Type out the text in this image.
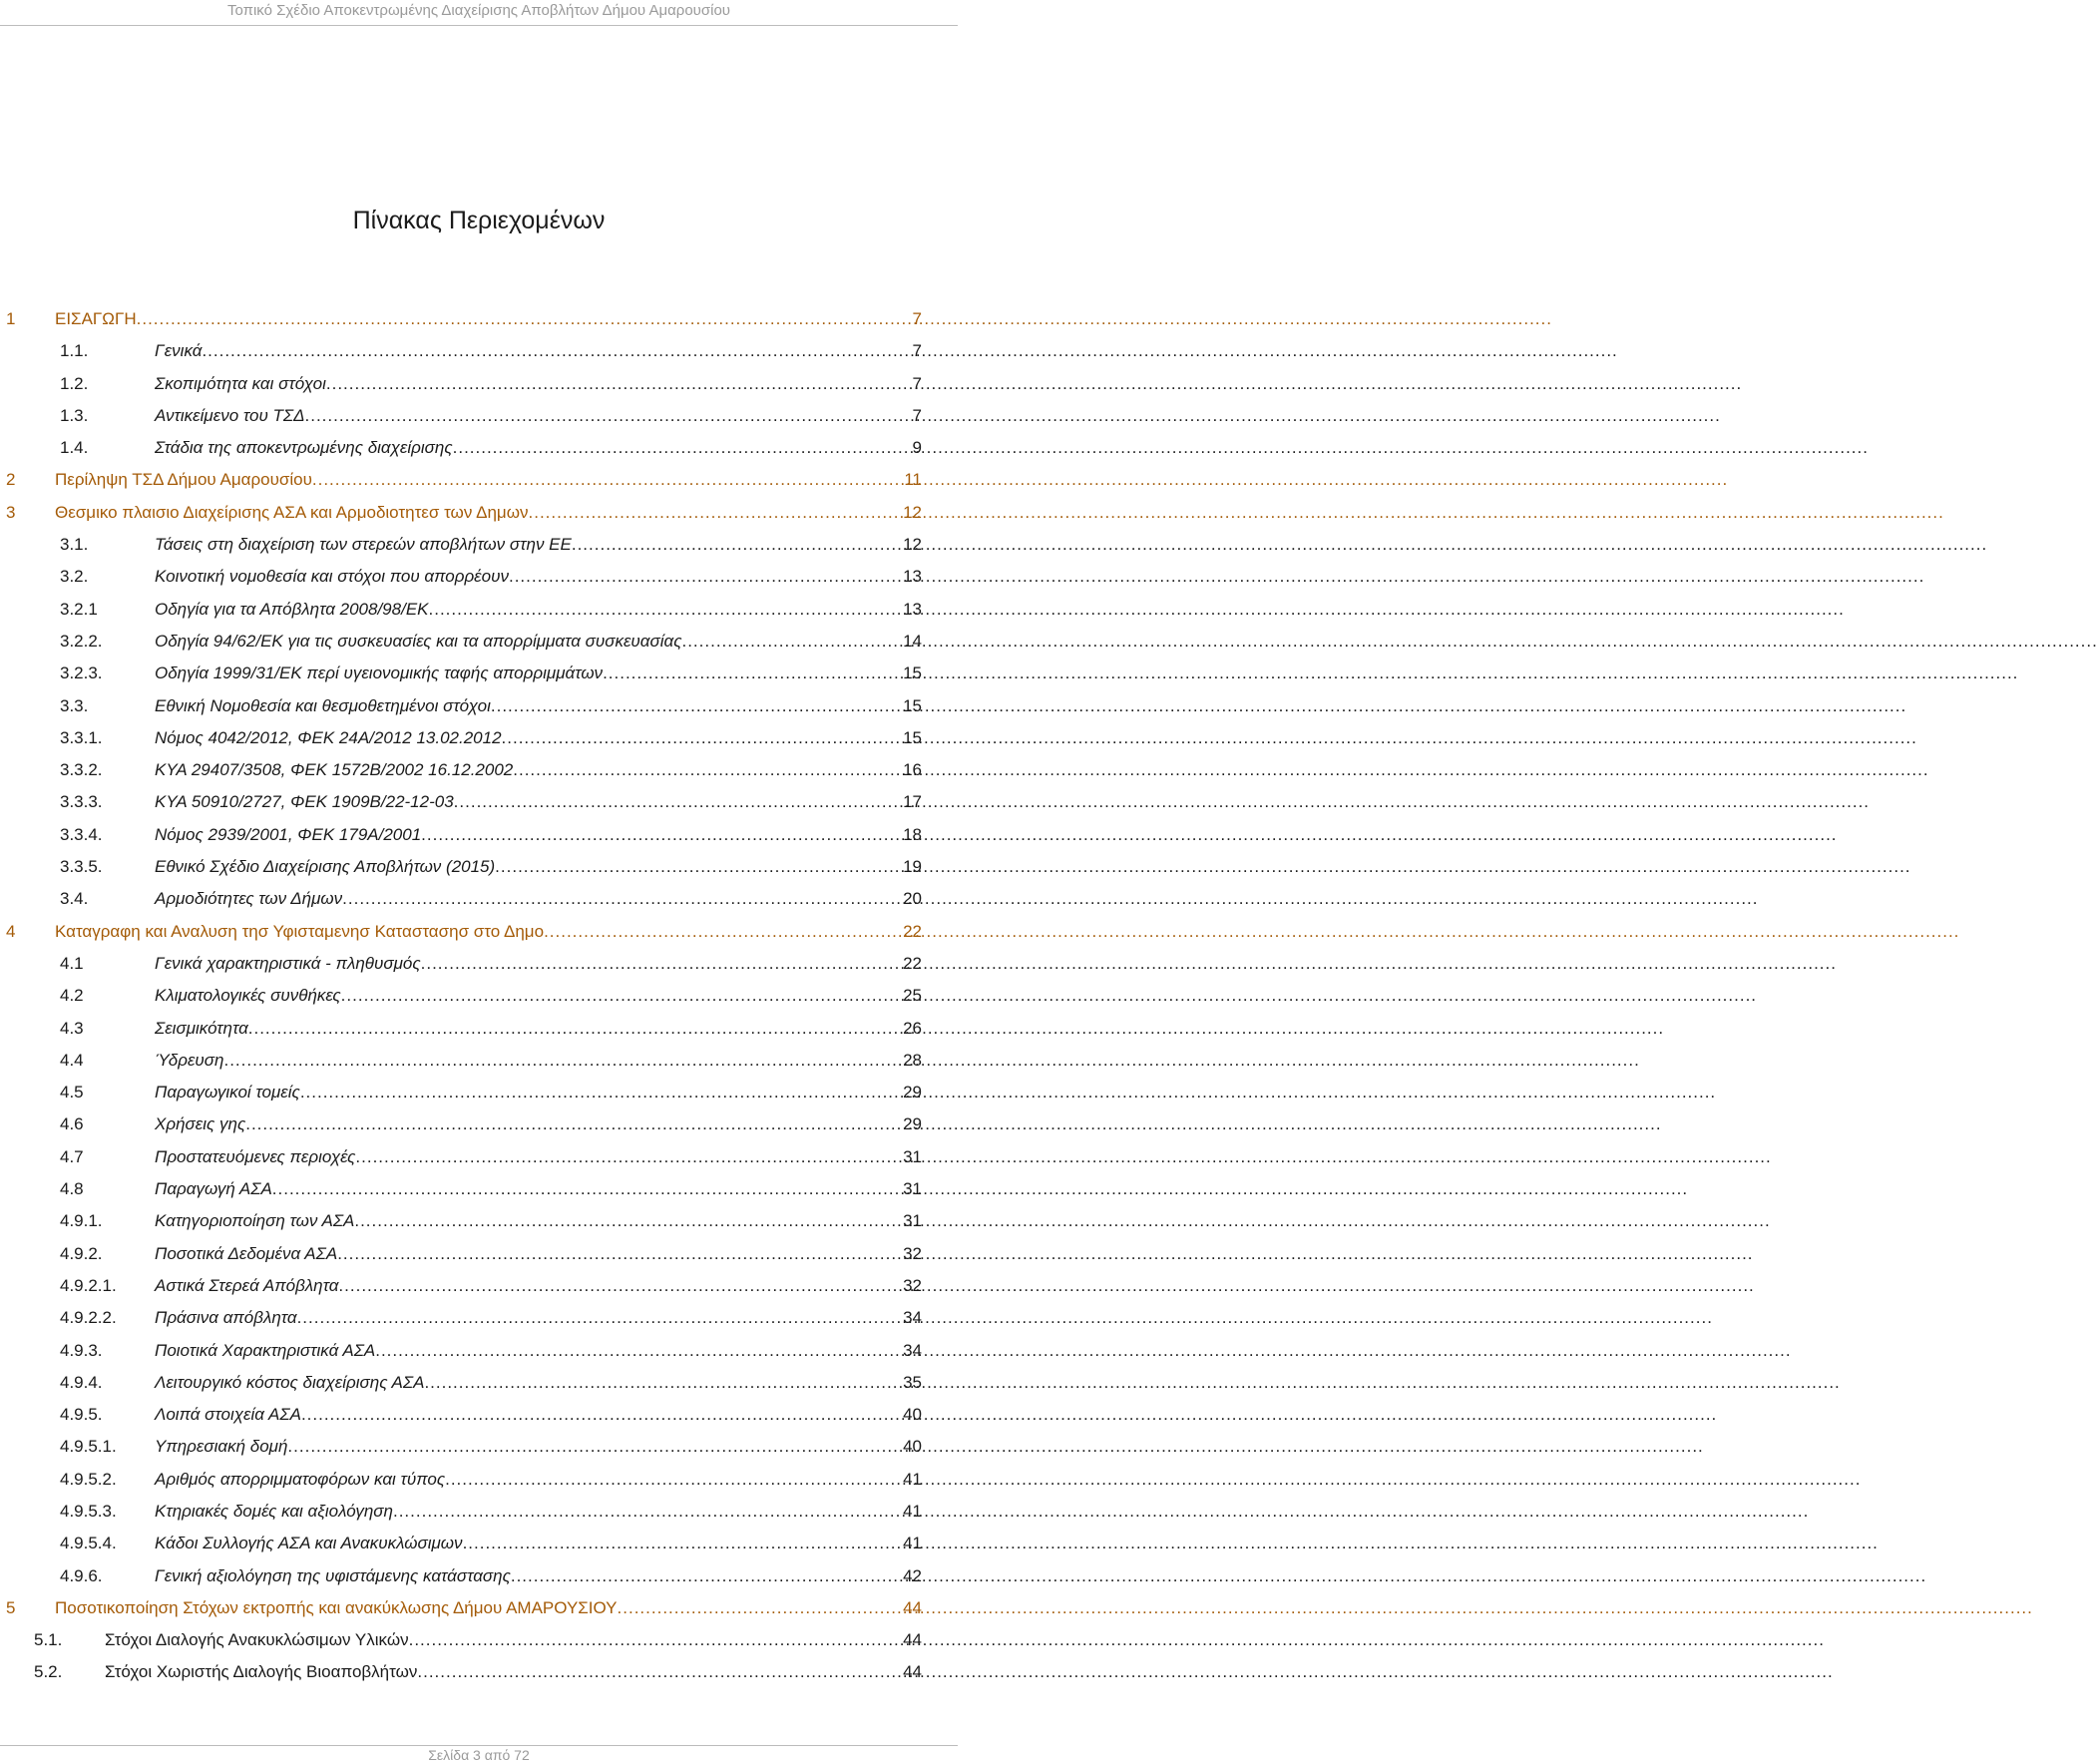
Τοπικό Σχέδιο Αποκεντρωμένης Διαχείρισης Αποβλήτων Δήμου Αμαρουσίου
Πίνακας Περιεχομένων
1 ΕΙΣΑΓΩΓΗ .....	7
1.1.	Γενικά .....	7
1.2.	Σκοπιμότητα και στόχοι .....	7
1.3.	Αντικείμενο του ΤΣΔ .....	7
1.4.	Στάδια της αποκεντρωμένης διαχείρισης .....	9
2 Περίληψη ΤΣΔ Δήμου Αμαρουσίου .....	11
3 Θεσμικο πλαισιο Διαχείρισης ΑΣΑ και Αρμοδιοτητεσ των Δημων .....	12
3.1.	Τάσεις στη διαχείριση των στερεών αποβλήτων στην ΕΕ .....	12
3.2.	Κοινοτική νομοθεσία και στόχοι που απορρέουν .....	13
3.2.1	Οδηγία για τα Απόβλητα 2008/98/ΕΚ .....	13
3.2.2.	Οδηγία 94/62/ΕΚ για τις συσκευασίες και τα απορρίμματα συσκευασίας .....	14
3.2.3.	Οδηγία 1999/31/ΕΚ περί υγειονομικής ταφής απορριμμάτων .....	15
3.3.	Εθνική Νομοθεσία και θεσμοθετημένοι στόχοι .....	15
3.3.1.	Νόμος 4042/2012, ΦΕΚ 24Α/2012 13.02.2012 .....	15
3.3.2.	ΚΥΑ 29407/3508, ΦΕΚ 1572Β/2002 16.12.2002 .....	16
3.3.3.	ΚΥΑ 50910/2727, ΦΕΚ 1909Β/22-12-03 .....	17
3.3.4.	Νόμος 2939/2001, ΦΕΚ 179Α/2001 .....	18
3.3.5.	Εθνικό Σχέδιο Διαχείρισης Αποβλήτων (2015) .....	19
3.4.	Αρμοδιότητες των Δήμων .....	20
4 Καταγραφη και Αναλυση τησ Υφισταμενησ Καταστασησ στο Δημο .....	22
4.1	Γενικά χαρακτηριστικά - πληθυσμός .....	22
4.2	Κλιματολογικές συνθήκες .....	25
4.3	Σεισμικότητα .....	26
4.4	Ύδρευση .....	28
4.5	Παραγωγικοί τομείς .....	29
4.6	Χρήσεις γης .....	29
4.7	Προστατευόμενες περιοχές .....	31
4.8	Παραγωγή ΑΣΑ .....	31
4.9.1.	Κατηγοριοποίηση των ΑΣΑ .....	31
4.9.2.	Ποσοτικά Δεδομένα ΑΣΑ .....	32
4.9.2.1. Αστικά Στερεά Απόβλητα .....	32
4.9.2.2. Πράσινα απόβλητα .....	34
4.9.3.	Ποιοτικά Χαρακτηριστικά ΑΣΑ .....	34
4.9.4.	Λειτουργικό κόστος διαχείρισης ΑΣΑ .....	35
4.9.5.	Λοιπά στοιχεία ΑΣΑ .....	40
4.9.5.1. Υπηρεσιακή δομή .....	40
4.9.5.2. Αριθμός απορριμματοφόρων και τύπος .....	41
4.9.5.3. Κτηριακές δομές και αξιολόγηση .....	41
4.9.5.4. Κάδοι Συλλογής ΑΣΑ και Ανακυκλώσιμων .....	41
4.9.6.	Γενική αξιολόγηση της υφιστάμενης κατάστασης .....	42
5 Ποσοτικοποίηση Στόχων εκτροπής και ανακύκλωσης Δήμου ΑΜΑΡΟΥΣΙΟΥ .....	44
5.1.	Στόχοι Διαλογής Ανακυκλώσιμων Υλικών .....	44
5.2.	Στόχοι Χωριστής Διαλογής Βιοαποβλήτων .....	44
Σελίδα 3 από 72
